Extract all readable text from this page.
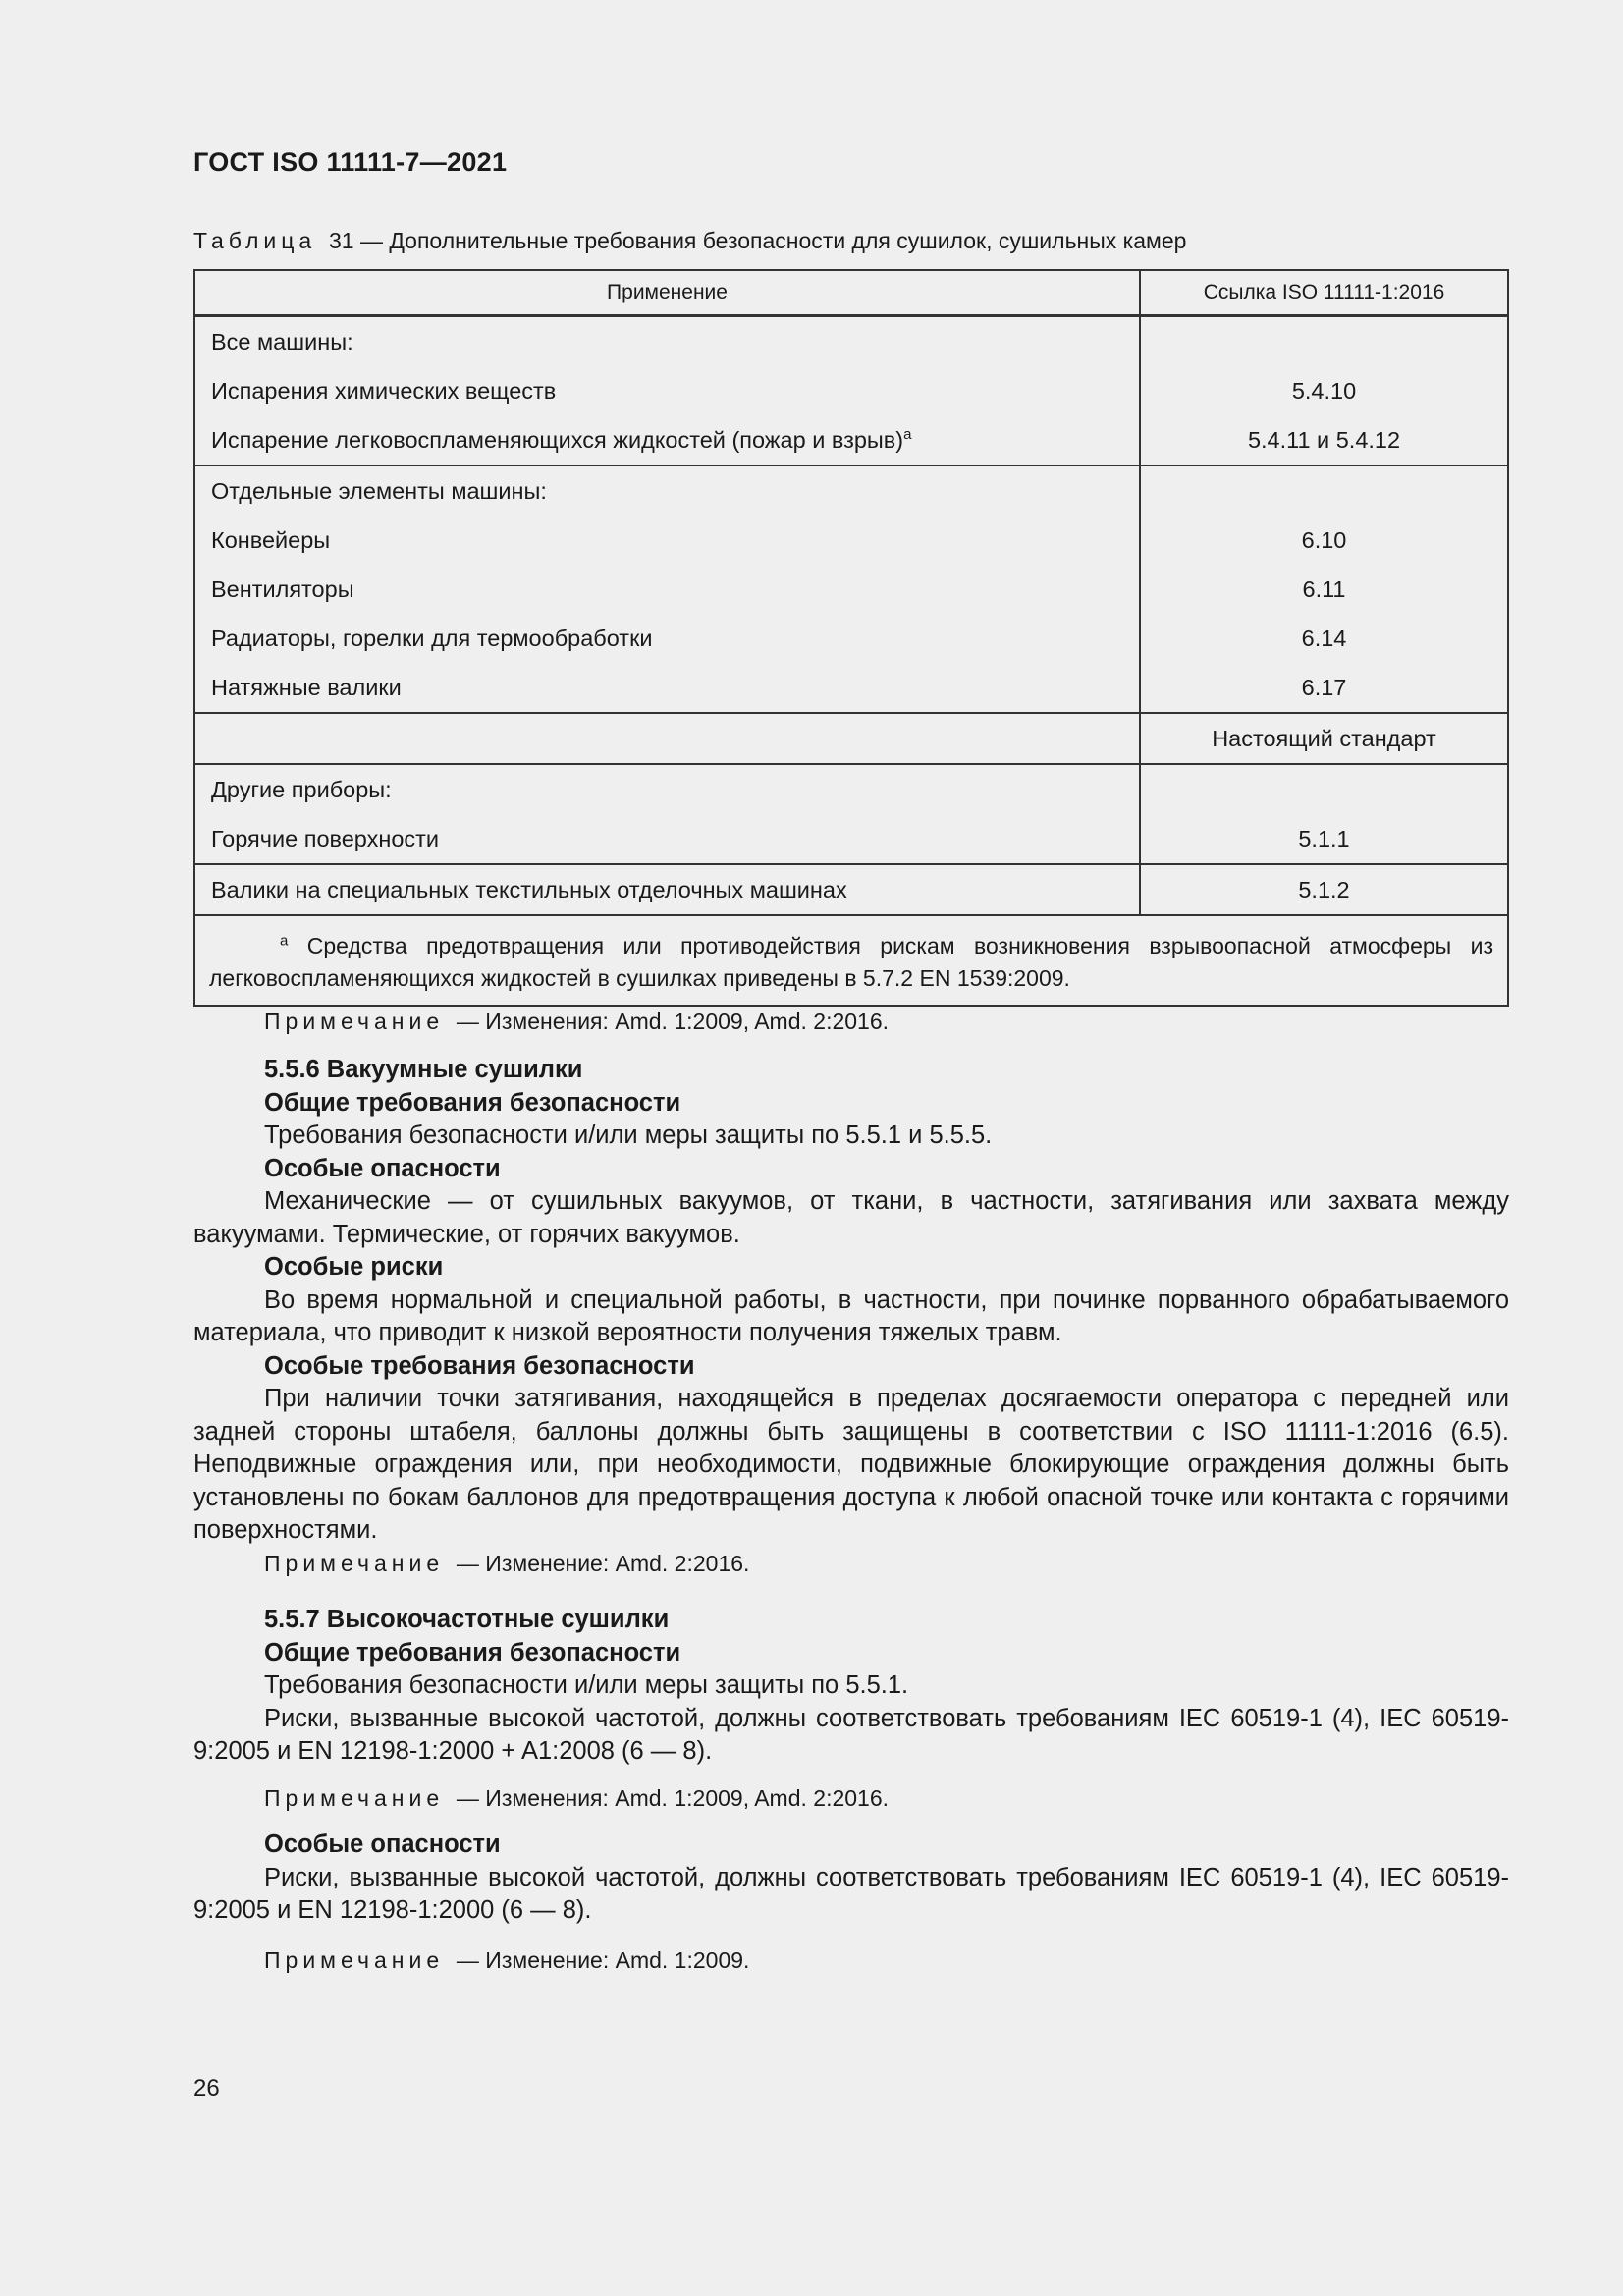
ГОСТ ISO 11111-7—2021
Таблица 31 — Дополнительные требования безопасности для сушилок, сушильных камер
Применение	Ссылка ISO 11111-1:2016
Все машины:	
Испарения химических веществ	5.4.10
Испарение легковоспламеняющихся жидкостей (пожар и взрыв)$^a$	5.4.11 и 5.4.12
Отдельные элементы машины:	
Конвейеры	6.10
Вентиляторы	6.11
Радиаторы, горелки для термообработки	6.14
Натяжные валики	6.17
	Настоящий стандарт
Другие приборы:	
Горячие поверхности	5.1.1
Валики на специальных текстильных отделочных машинах	5.1.2
$^a$ Средства предотвращения или противодействия рискам возникновения взрывоопасной атмосферы из легковоспламеняющихся жидкостей в сушилках приведены в 5.7.2 EN 1539:2009.	
Примечание — Изменения: Amd. 1:2009, Amd. 2:2016.
5.5.6 Вакуумные сушилки
Общие требования безопасности
Требования безопасности и/или меры защиты по 5.5.1 и 5.5.5.
Особые опасности
Механические — от сушильных вакуумов, от ткани, в частности, затягивания или захвата между вакуумами. Термические, от горячих вакуумов.
Особые риски
Во время нормальной и специальной работы, в частности, при починке порванного обрабатываемого материала, что приводит к низкой вероятности получения тяжелых травм.
Особые требования безопасности
При наличии точки затягивания, находящейся в пределах досягаемости оператора с передней или задней стороны штабеля, баллоны должны быть защищены в соответствии с ISO 11111-1:2016 (6.5). Неподвижные ограждения или, при необходимости, подвижные блокирующие ограждения должны быть установлены по бокам баллонов для предотвращения доступа к любой опасной точке или контакта с горячими поверхностями.
Примечание — Изменение: Amd. 2:2016.
5.5.7 Высокочастотные сушилки
Общие требования безопасности
Требования безопасности и/или меры защиты по 5.5.1.
Риски, вызванные высокой частотой, должны соответствовать требованиям IEC 60519-1 (4), IEC 60519-9:2005 и EN 12198-1:2000 + A1:2008 (6 — 8).
Примечание — Изменения: Amd. 1:2009, Amd. 2:2016.
Особые опасности
Риски, вызванные высокой частотой, должны соответствовать требованиям IEC 60519-1 (4), IEC 60519-9:2005 и EN 12198-1:2000 (6 — 8).
Примечание — Изменение: Amd. 1:2009.
26
